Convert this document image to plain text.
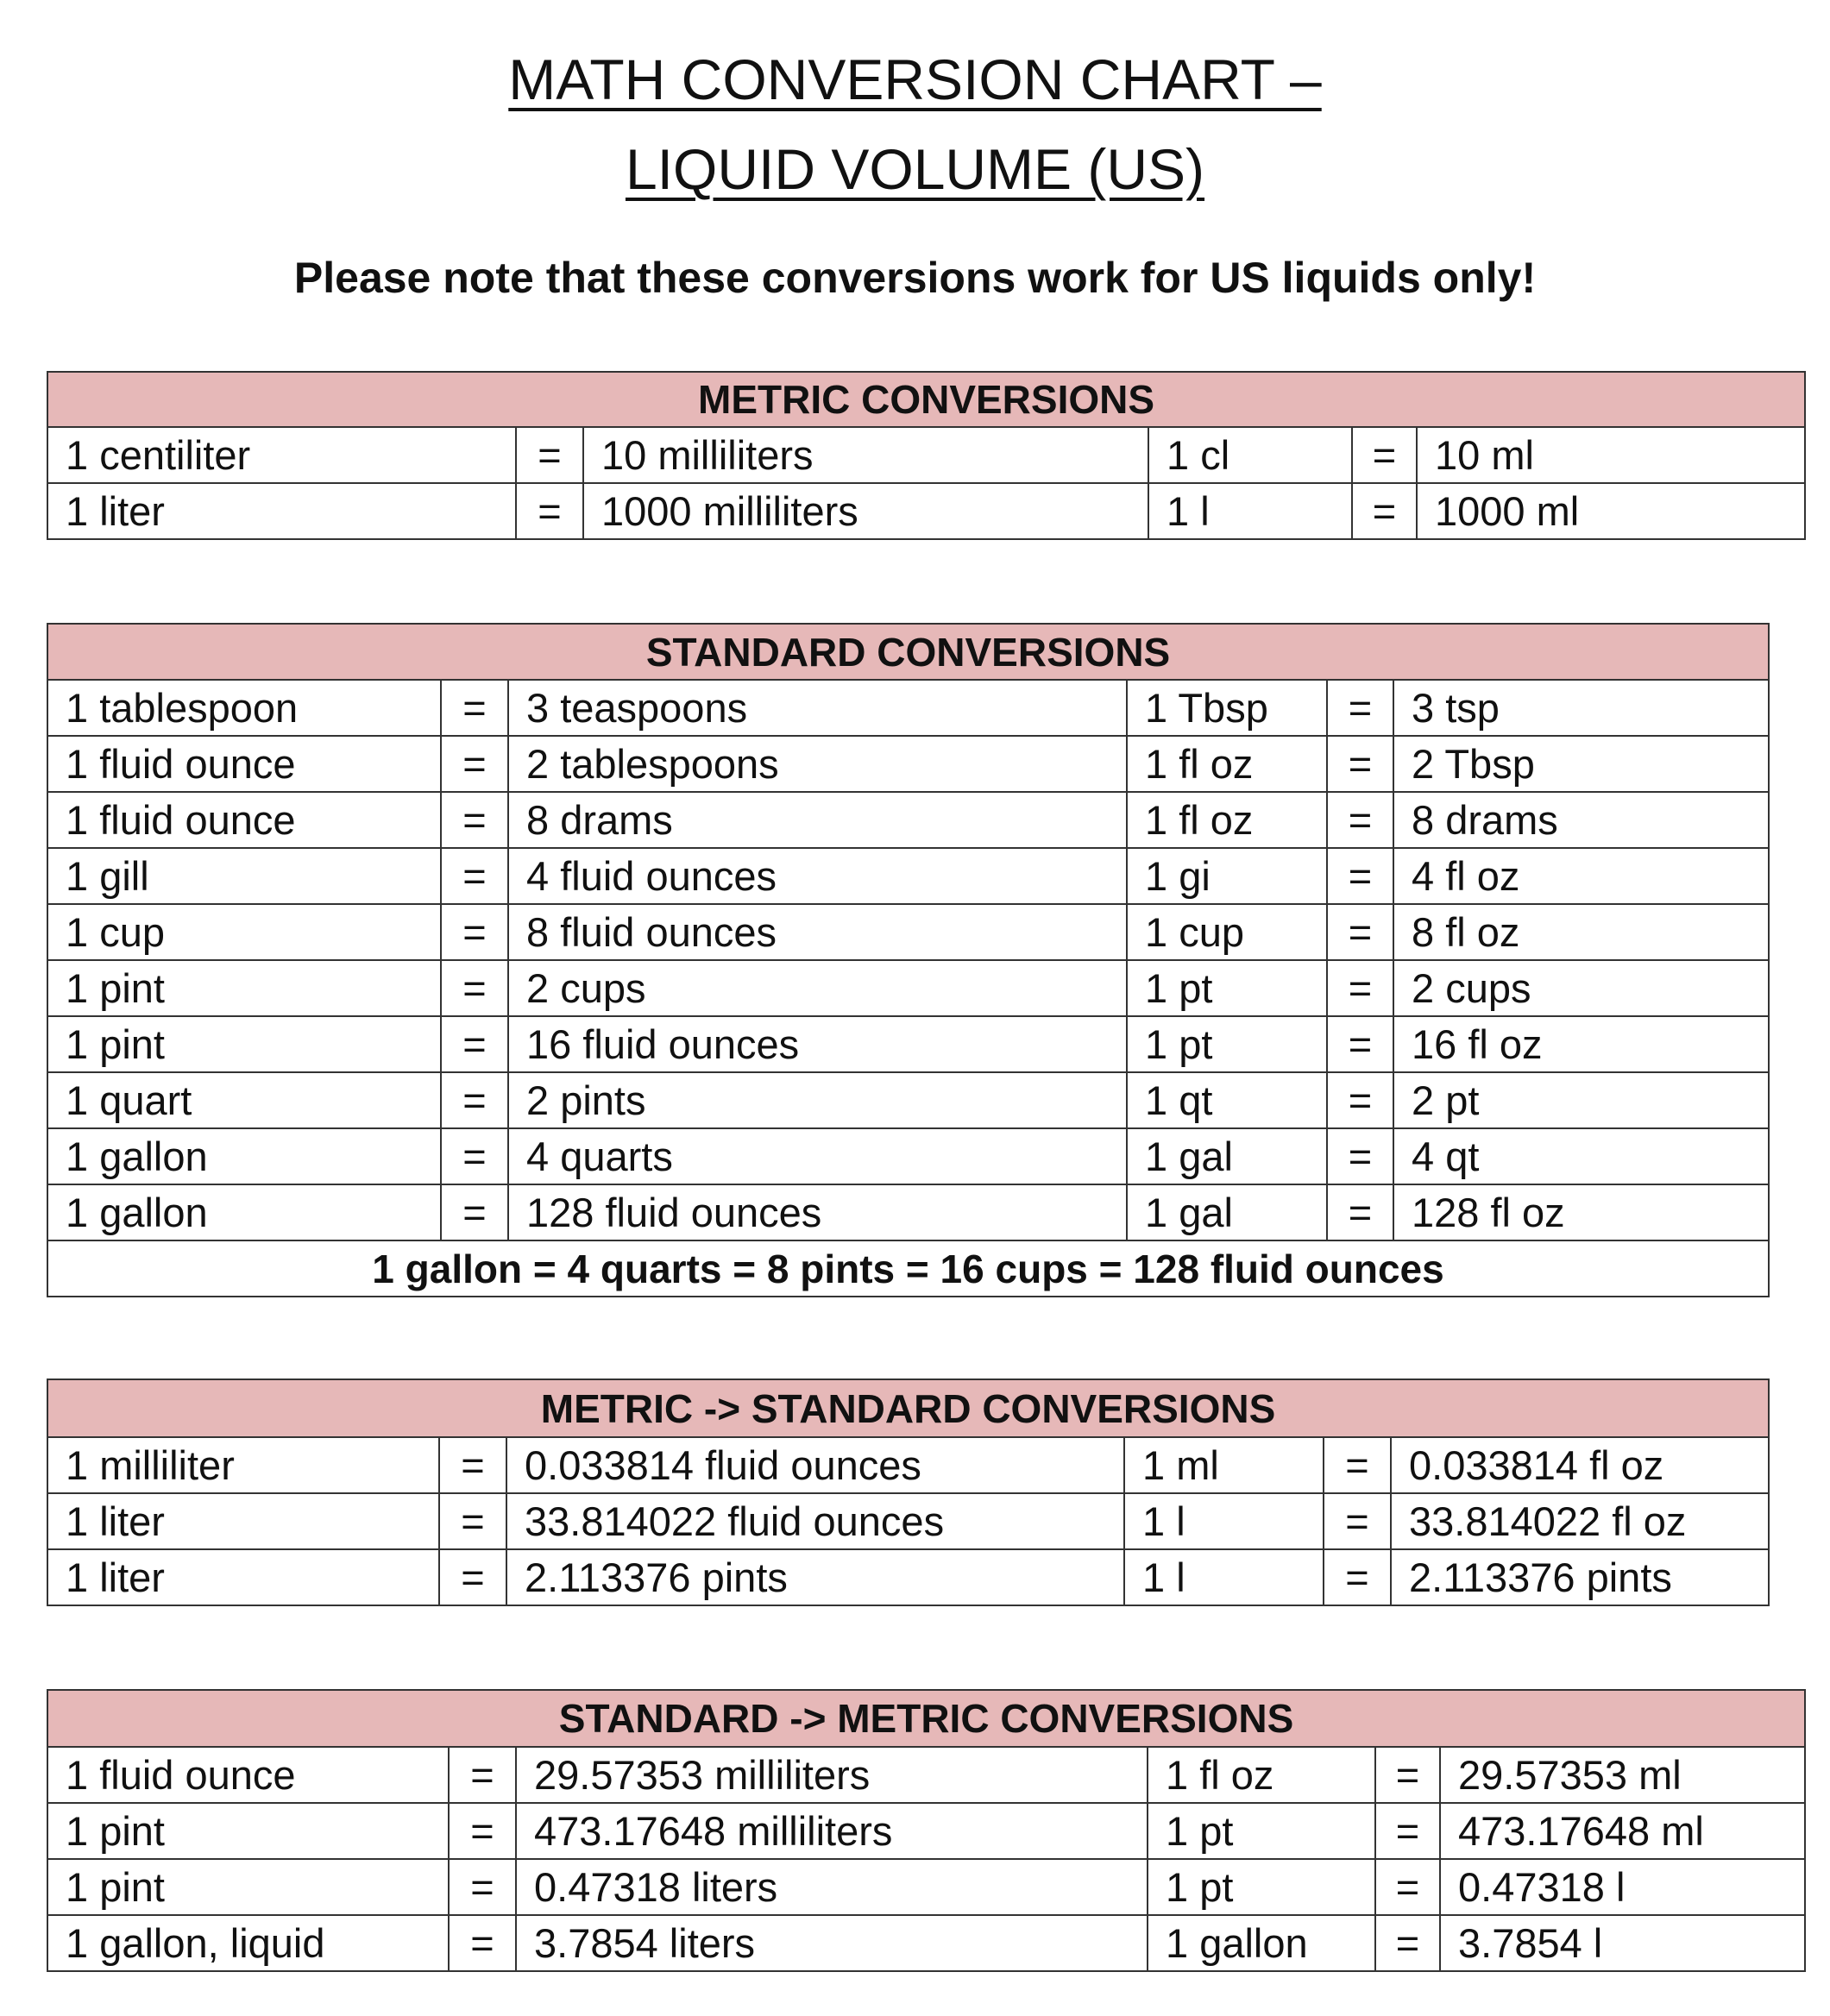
MATH CONVERSION CHART –
LIQUID VOLUME (US)

Please note that these conversions work for US liquids only!

METRIC CONVERSIONS					
1 centiliter	=	10 milliliters	1 cl	=	10 ml
1 liter	=	1000 milliliters	1 l	=	1000 ml
STANDARD CONVERSIONS					
1 tablespoon	=	3 teaspoons	1 Tbsp	=	3 tsp
1 fluid ounce	=	2 tablespoons	1 fl oz	=	2 Tbsp
1 fluid ounce	=	8 drams	1 fl oz	=	8 drams
1 gill	=	4 fluid ounces	1 gi	=	4 fl oz
1 cup	=	8 fluid ounces	1 cup	=	8 fl oz
1 pint	=	2 cups	1 pt	=	2 cups
1 pint	=	16 fluid ounces	1 pt	=	16 fl oz
1 quart	=	2 pints	1 qt	=	2 pt
1 gallon	=	4 quarts	1 gal	=	4 qt
1 gallon	=	128 fluid ounces	1 gal	=	128 fl oz
1 gallon = 4 quarts = 8 pints = 16 cups = 128 fluid ounces					
METRIC -> STANDARD CONVERSIONS					
1 milliliter	=	0.033814 fluid ounces	1 ml	=	0.033814 fl oz
1 liter	=	33.814022 fluid ounces	1 l	=	33.814022 fl oz
1 liter	=	2.113376 pints	1 l	=	2.113376 pints
STANDARD -> METRIC CONVERSIONS					
1 fluid ounce	=	29.57353 milliliters	1 fl oz	=	29.57353 ml
1 pint	=	473.17648 milliliters	1 pt	=	473.17648 ml
1 pint	=	0.47318 liters	1 pt	=	0.47318 l
1 gallon, liquid	=	3.7854 liters	1 gallon	=	3.7854 l
